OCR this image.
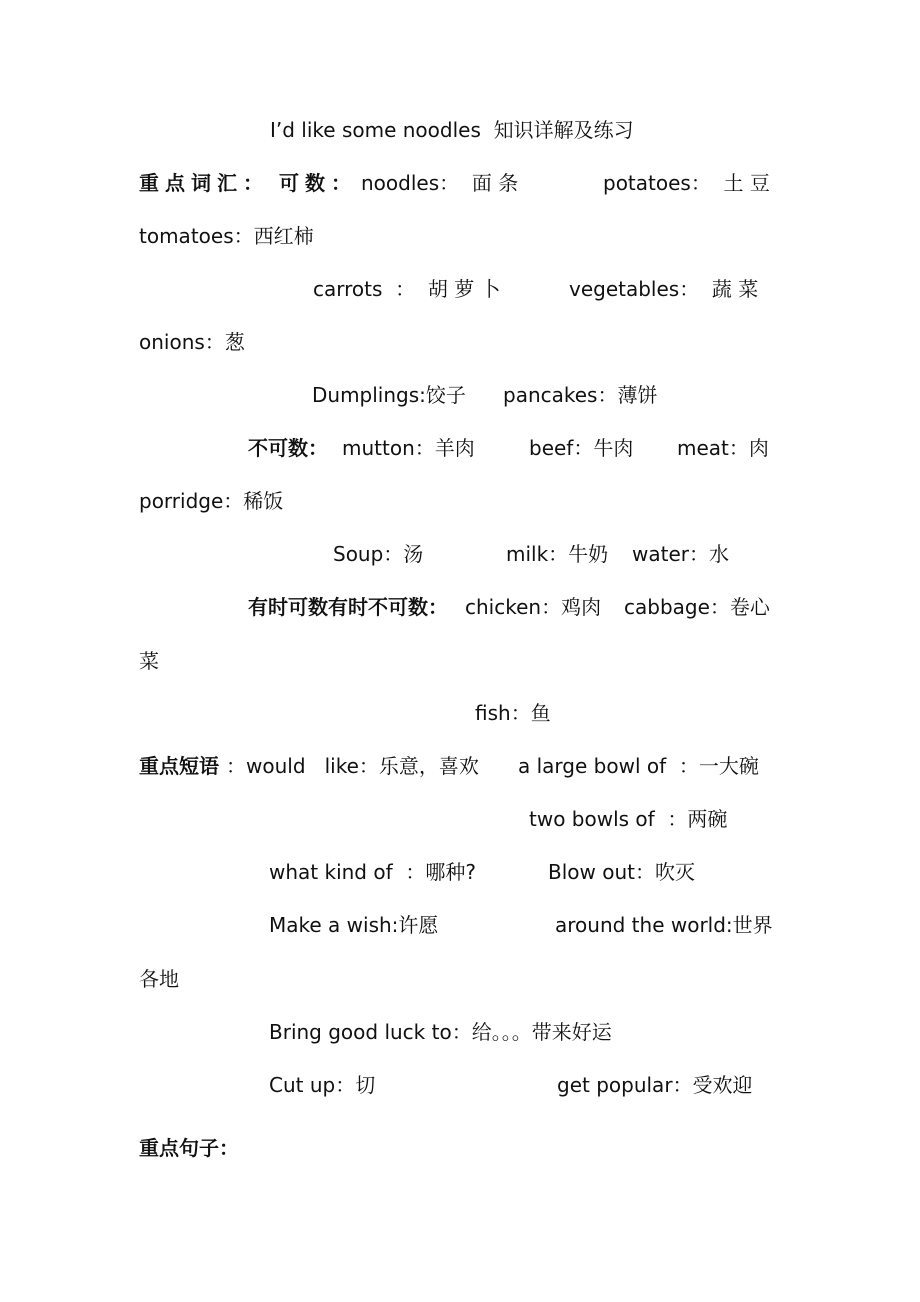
I’d like some noodles  知识详解及练习
重点词汇： 可数： noodles：  面 条	potatoes：  土 豆
tomatoes：西红柿
carrots  ：  胡 萝 卜	vegetables：  蔬 菜
onions：葱
Dumplings:饺子 pancakes：薄饼
不可数： mutton：羊肉	beef：牛肉 meat：肉
porridge：稀饭
Soup：汤	milk：牛奶 water：水
有时可数有时不可数： chicken：鸡肉 cabbage：卷心
菜
fish：鱼
重点短语 ：would   like：乐意，喜欢 a large bowl of  ：一大碗
two bowls of  ：两碗
what kind of  ：哪种?	Blow out：吹灭
Make a wish:许愿	around the world:世界
各地
Bring good luck to：给。。。带来好运
Cut up：切	get popular：受欢迎
重点句子：
